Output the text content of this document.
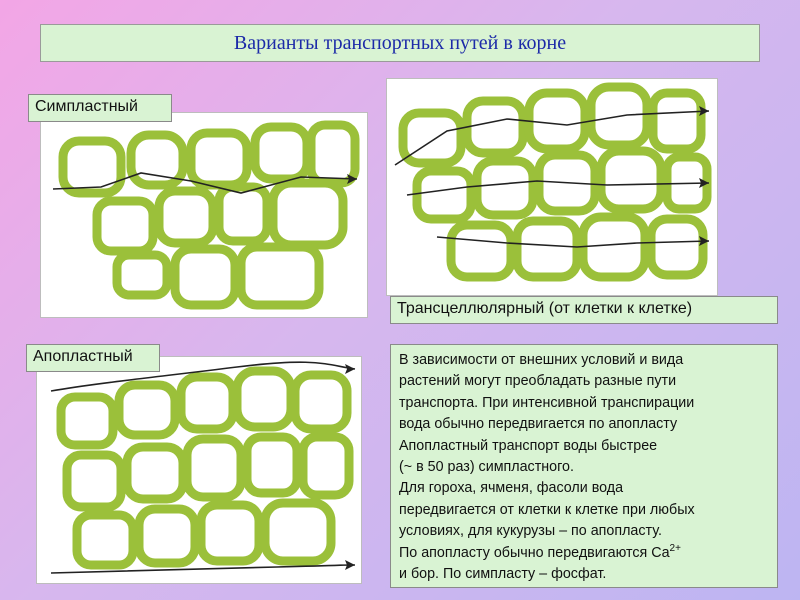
Варианты транспортных путей в корне
Симпластный
Трансцеллюлярный (от клетки к клетке)
Апопластный	В зависимости от внешних условий и вида
растений могут преобладать разные пути
транспорта. При интенсивной транспирации
вода обычно передвигается по апопласту
Апопластный транспорт воды быстрее
(~ в 50 раз) симпластного.
Для гороха, ячменя, фасоли вода
передвигается от клетки к клетке при любых
условиях, для кукурузы – по апопласту.
По апопласту обычно передвигаются $Ca^{2+}$
и бор. По симпласту – фосфат.
